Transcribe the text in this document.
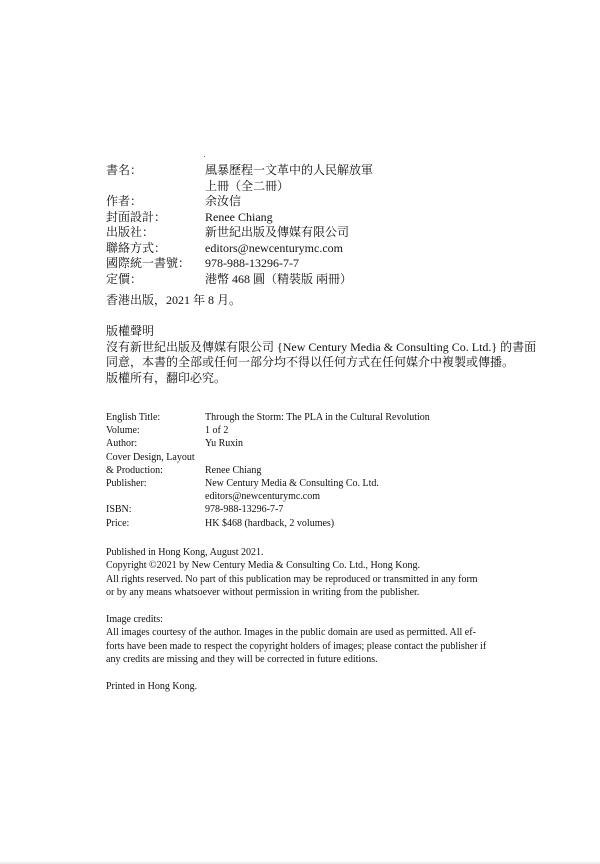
書名：	風暴歷程一文革中的人民解放軍
上冊（全二冊）
作者：	余汝信
封面設計：	Renee Chiang
出版社：	新世紀出版及傳媒有限公司
聯絡方式：	editors@newcenturymc.com
國際統一書號：	978-988-13296-7-7
定價：	港幣 468 圓（精裝版 兩冊）
香港出版，2021 年 8 月。
版權聲明
沒有新世紀出版及傳媒有限公司 {New Century Media & Consulting Co. Ltd.} 的書面
同意，本書的全部或任何一部分均不得以任何方式在任何媒介中複製或傳播。
版權所有，翻印必究。
English Title:	Through the Storm: The PLA in the Cultural Revolution
Volume:	1 of 2
Author:	Yu Ruxin
Cover Design, Layout
& Production:	Renee Chiang
Publisher:	New Century Media & Consulting Co. Ltd.
editors@newcenturymc.com
ISBN:	978-988-13296-7-7
Price:	HK $468 (hardback, 2 volumes)
Published in Hong Kong, August 2021.
Copyright ©2021 by New Century Media & Consulting Co. Ltd., Hong Kong.
All rights reserved. No part of this publication may be reproduced or transmitted in any form
or by any means whatsoever without permission in writing from the publisher.
Image credits:
All images courtesy of the author. Images in the public domain are used as permitted. All ef-
forts have been made to respect the copyright holders of images; please contact the publisher if
any credits are missing and they will be corrected in future editions.
Printed in Hong Kong.
